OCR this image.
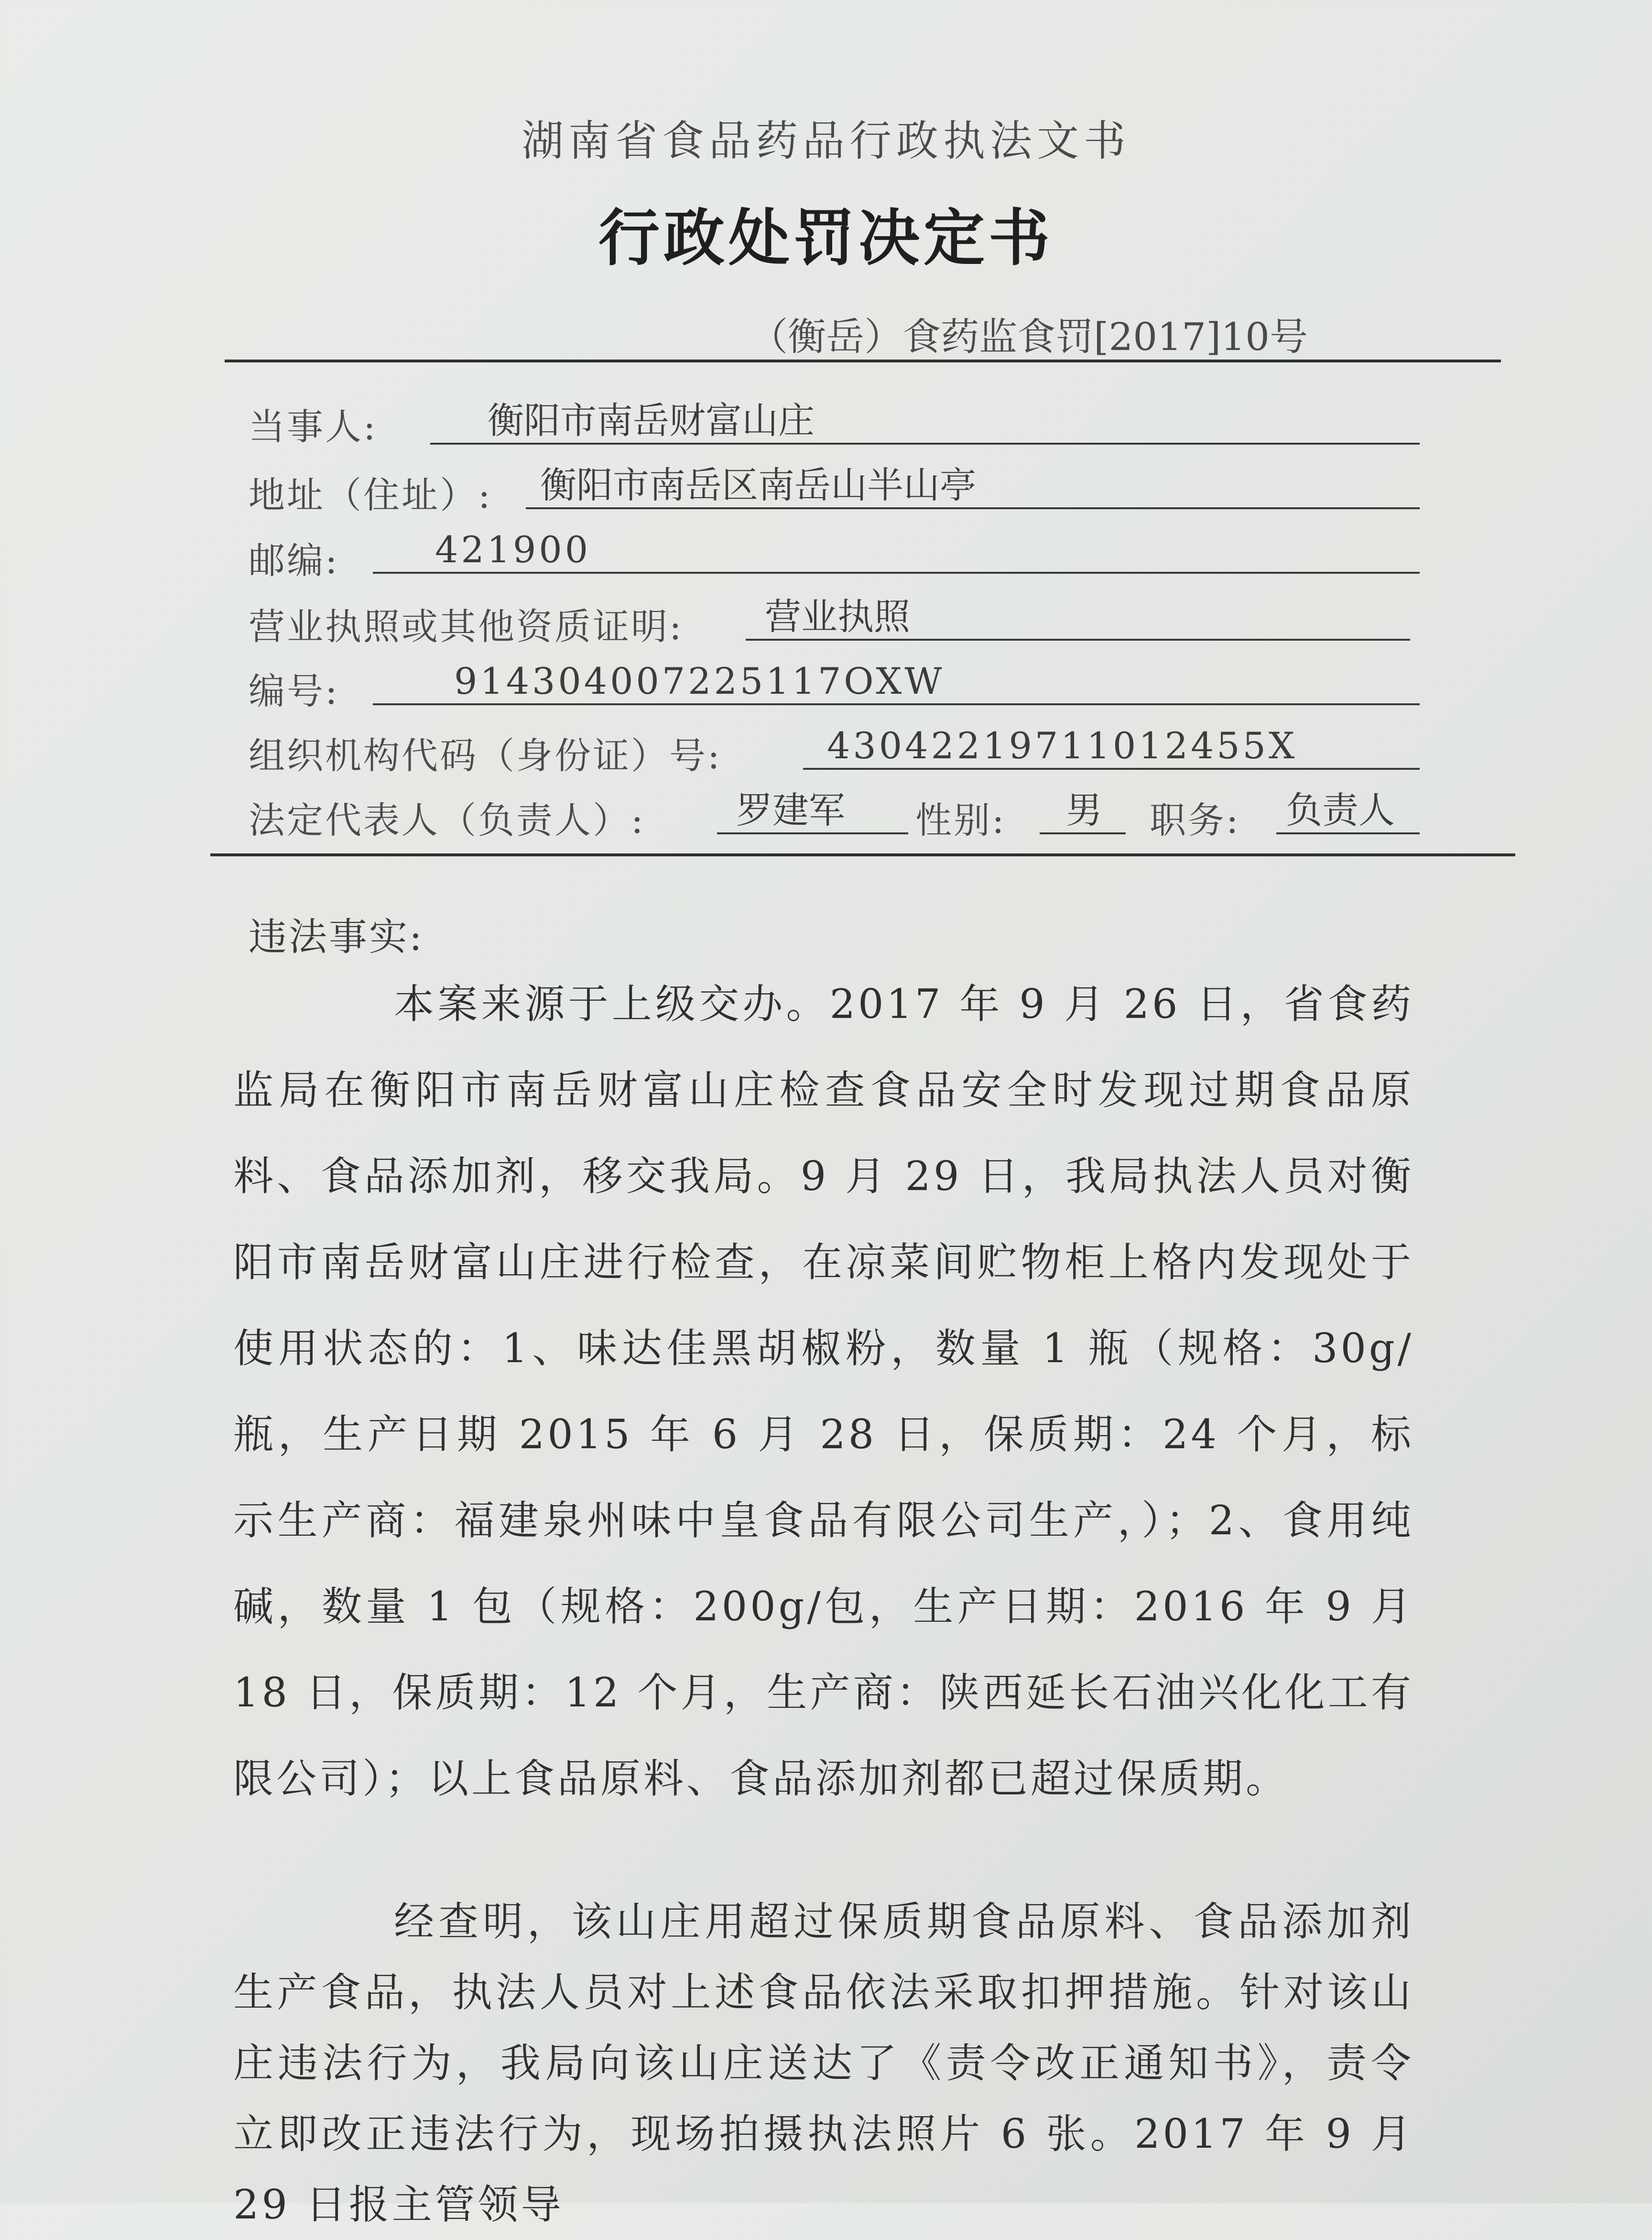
湖南省食品药品行政执法文书
行政处罚决定书
（衡岳）食药监食罚[2017]10号
当事人:	衡阳市南岳财富山庄
地址（住址）:	衡阳市南岳区南岳山半山亭
邮编:	421900
营业执照或其他资质证明:	营业执照
编号:	914304007225117OXW
组织机构代码（身份证）号:	43042219711012455X
法定代表人（负责人）:	罗建军	性别:	男	职务: 负责人
违法事实:

本案来源于上级交办。2017 年 9 月 26 日，省食药监局在衡阳市南岳财富山庄检查食品安全时发现过期食品原料、食品添加剂，移交我局。9 月 29 日，我局执法人员对衡阳市南岳财富山庄进行检查，在凉菜间贮物柜上格内发现处于使用状态的：1、味达佳黑胡椒粉，数量 1 瓶（规格：30g/瓶，生产日期 2015 年 6 月 28 日，保质期：24 个月，标示生产商：福建泉州味中皇食品有限公司生产，）；2、食用纯碱，数量 1 包（规格：200g/包，生产日期：2016 年 9 月 18 日，保质期：12 个月，生产商：陕西延长石油兴化化工有限公司）；以上食品原料、食品添加剂都已超过保质期。

经查明，该山庄用超过保质期食品原料、食品添加剂生产食品，执法人员对上述食品依法采取扣押措施。针对该山庄违法行为，我局向该山庄送达了《责令改正通知书》，责令立即改正违法行为，现场拍摄执法照片 6 张。2017 年 9 月 29 日报主管领导
